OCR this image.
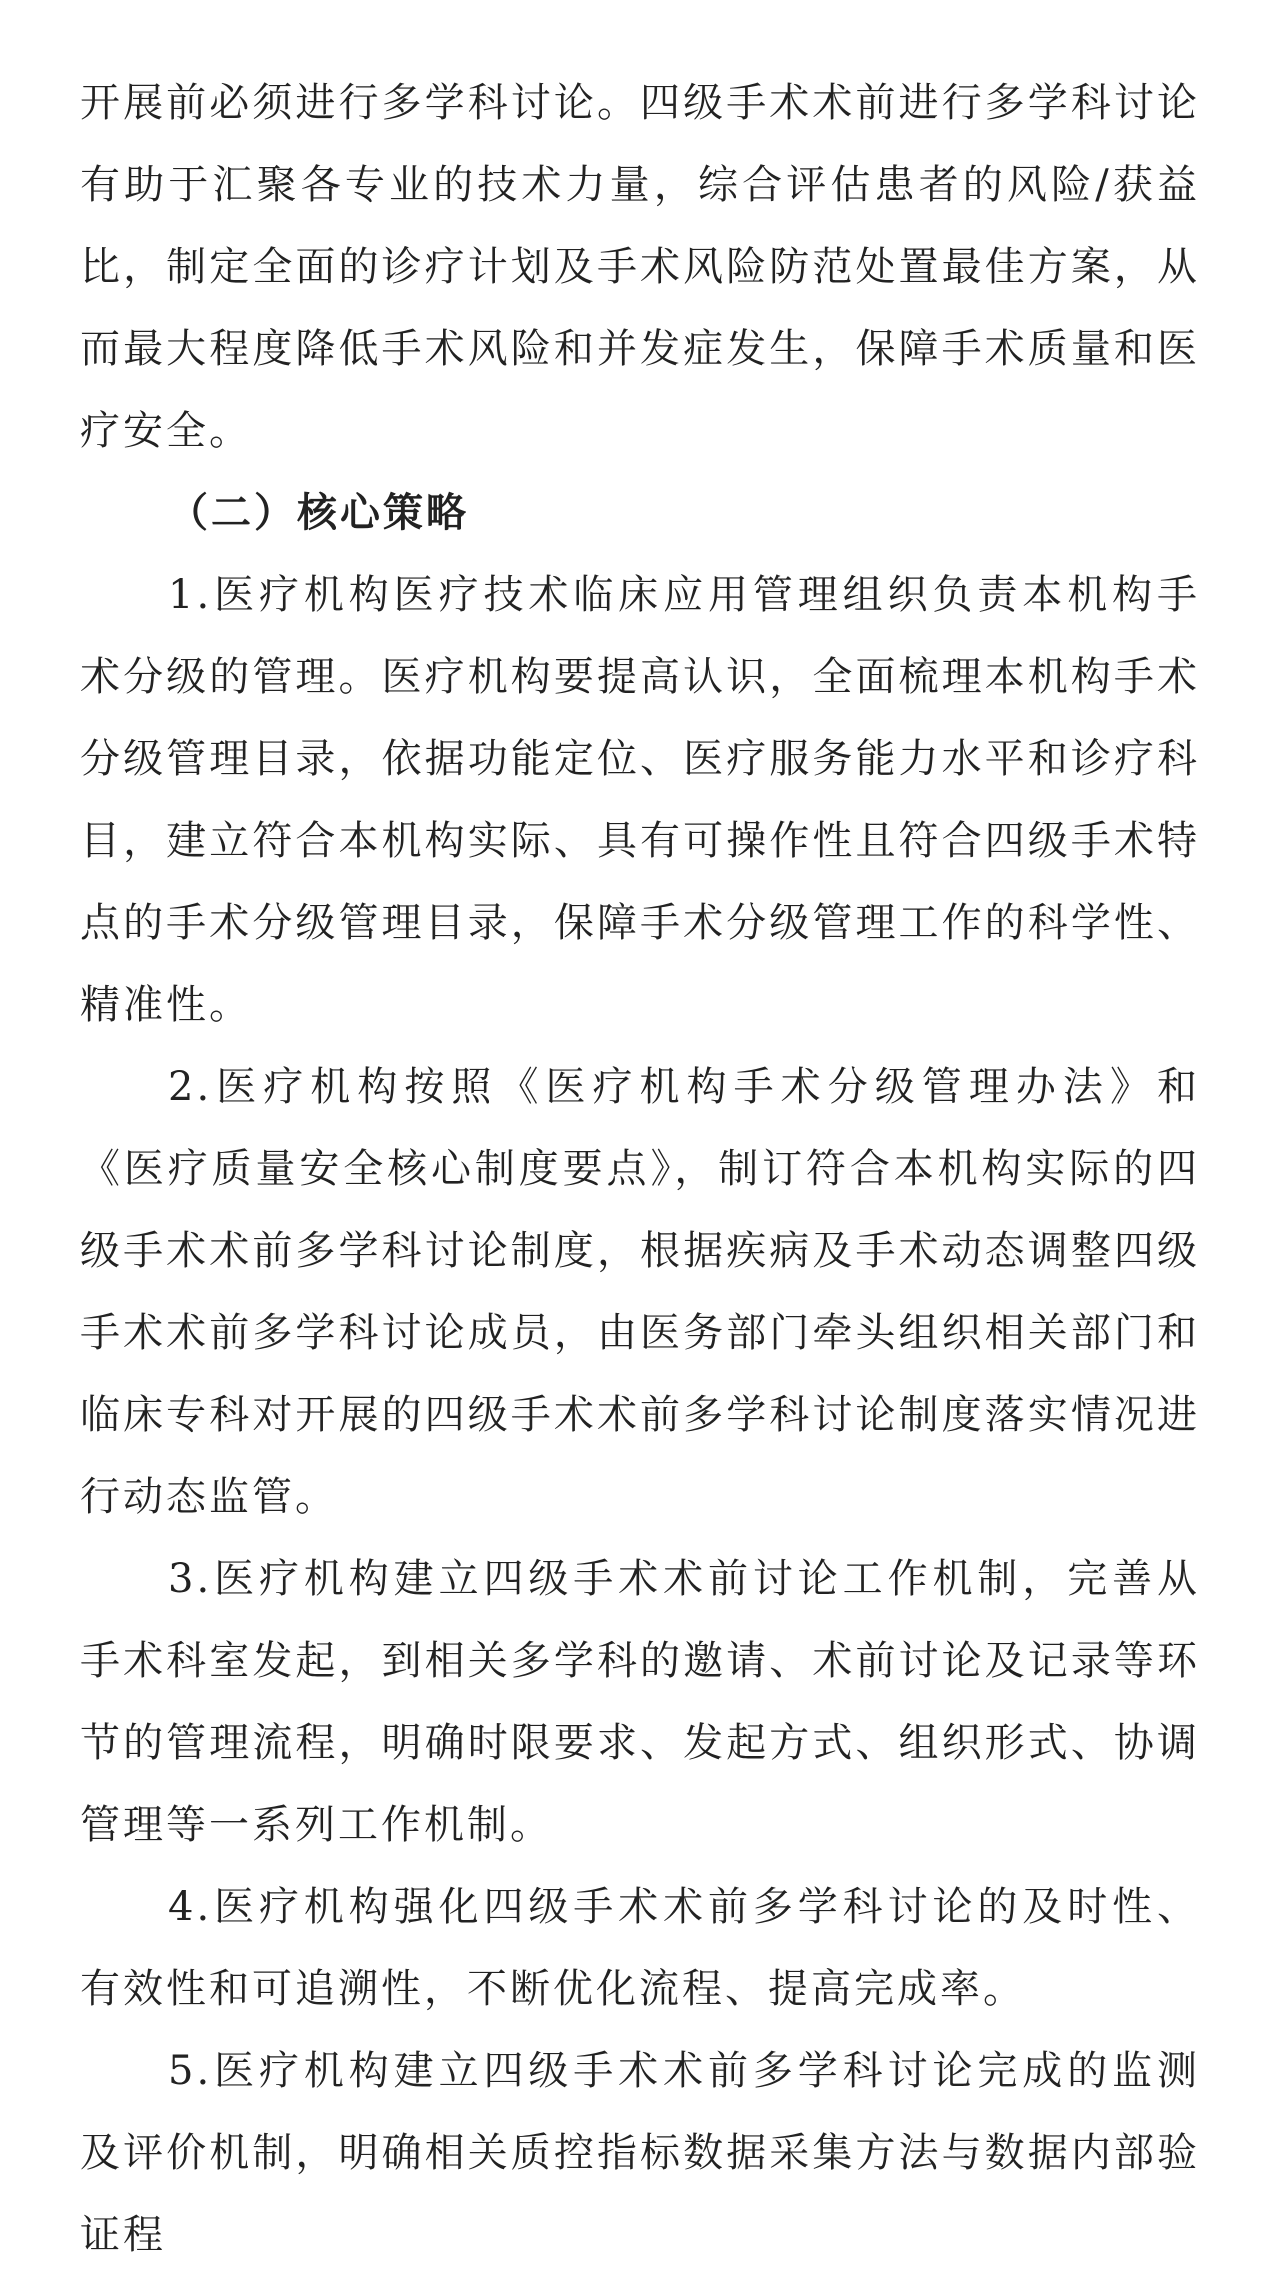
开展前必须进行多学科讨论。四级手术术前进行多学科讨论有助于汇聚各专业的技术力量，综合评估患者的风险/获益比，制定全面的诊疗计划及手术风险防范处置最佳方案，从而最大程度降低手术风险和并发症发生，保障手术质量和医疗安全。

（二）核心策略

1.医疗机构医疗技术临床应用管理组织负责本机构手术分级的管理。医疗机构要提高认识，全面梳理本机构手术分级管理目录，依据功能定位、医疗服务能力水平和诊疗科目，建立符合本机构实际、具有可操作性且符合四级手术特点的手术分级管理目录，保障手术分级管理工作的科学性、精准性。

2.医疗机构按照《医疗机构手术分级管理办法》和《医疗质量安全核心制度要点》，制订符合本机构实际的四级手术术前多学科讨论制度，根据疾病及手术动态调整四级手术术前多学科讨论成员，由医务部门牵头组织相关部门和临床专科对开展的四级手术术前多学科讨论制度落实情况进行动态监管。

3.医疗机构建立四级手术术前讨论工作机制，完善从手术科室发起，到相关多学科的邀请、术前讨论及记录等环节的管理流程，明确时限要求、发起方式、组织形式、协调管理等一系列工作机制。

4.医疗机构强化四级手术术前多学科讨论的及时性、有效性和可追溯性，不断优化流程、提高完成率。

5.医疗机构建立四级手术术前多学科讨论完成的监测及评价机制，明确相关质控指标数据采集方法与数据内部验证程
